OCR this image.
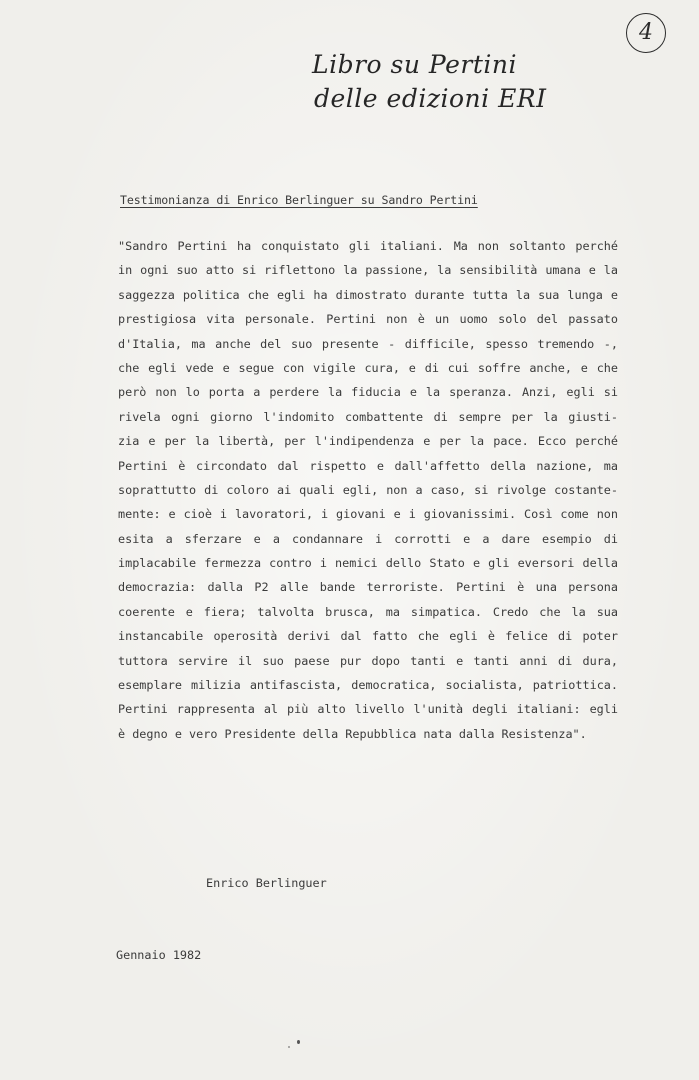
4
Libro su Pertini
delle edizioni ERI
Testimonianza di Enrico Berlinguer su Sandro Pertini
"Sandro Pertini ha conquistato gli italiani. Ma non soltanto perché
in ogni suo atto si riflettono la passione, la sensibilità umana e la
saggezza politica che egli ha dimostrato durante tutta la sua lunga e
prestigiosa vita personale. Pertini non è un uomo solo del passato
d'Italia, ma anche del suo presente - difficile, spesso tremendo -,
che egli vede e segue con vigile cura, e di cui soffre anche, e che
però non lo porta a perdere la fiducia e la speranza. Anzi, egli si
rivela ogni giorno l'indomito combattente di sempre per la giusti-
zia e per la libertà, per l'indipendenza e per la pace. Ecco perché
Pertini è circondato dal rispetto e dall'affetto della nazione, ma
soprattutto di coloro ai quali egli, non a caso, si rivolge costante-
mente: e cioè i lavoratori, i giovani e i giovanissimi. Così come non
esita a sferzare e a condannare i corrotti e a dare esempio di
implacabile fermezza contro i nemici dello Stato e gli eversori della
democrazia: dalla P2 alle bande terroriste. Pertini è una persona
coerente e fiera; talvolta brusca, ma simpatica. Credo che la sua
instancabile operosità derivi dal fatto che egli è felice di poter
tuttora servire il suo paese pur dopo tanti e tanti anni di dura,
esemplare milizia antifascista, democratica, socialista, patriottica.
Pertini rappresenta al più alto livello l'unità degli italiani: egli
è degno e vero Presidente della Repubblica nata dalla Resistenza".
Enrico Berlinguer
Gennaio 1982
